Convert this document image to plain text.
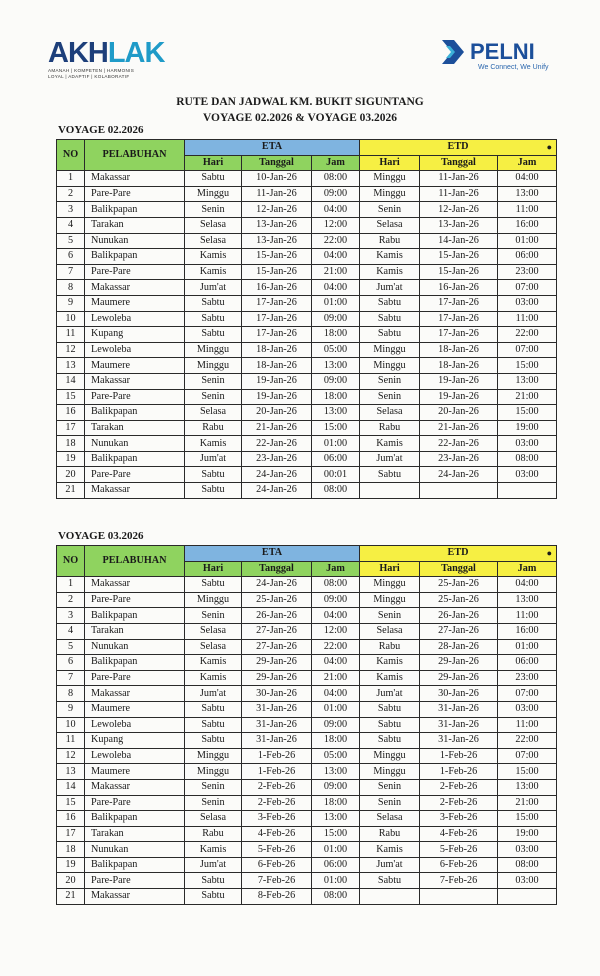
AKHLAK
AMANAH | KOMPETEN | HARMONIS
LOYAL | ADAPTIF | KOLABORATIF
PELNI
We Connect, We Unify
RUTE DAN JADWAL KM. BUKIT SIGUNTANG
VOYAGE 02.2026 & VOYAGE 03.2026
VOYAGE 02.2026
NO	PELABUHAN	ETA			ETD ●		

		Hari	Tanggal	Jam	Hari	Tanggal	Jam
1	Makassar	Sabtu	10-Jan-26	08:00	Minggu	11-Jan-26	04:00
2	Pare-Pare	Minggu	11-Jan-26	09:00	Minggu	11-Jan-26	13:00
3	Balikpapan	Senin	12-Jan-26	04:00	Senin	12-Jan-26	11:00
4	Tarakan	Selasa	13-Jan-26	12:00	Selasa	13-Jan-26	16:00
5	Nunukan	Selasa	13-Jan-26	22:00	Rabu	14-Jan-26	01:00
6	Balikpapan	Kamis	15-Jan-26	04:00	Kamis	15-Jan-26	06:00
7	Pare-Pare	Kamis	15-Jan-26	21:00	Kamis	15-Jan-26	23:00
8	Makassar	Jum'at	16-Jan-26	04:00	Jum'at	16-Jan-26	07:00
9	Maumere	Sabtu	17-Jan-26	01:00	Sabtu	17-Jan-26	03:00
10	Lewoleba	Sabtu	17-Jan-26	09:00	Sabtu	17-Jan-26	11:00
11	Kupang	Sabtu	17-Jan-26	18:00	Sabtu	17-Jan-26	22:00
12	Lewoleba	Minggu	18-Jan-26	05:00	Minggu	18-Jan-26	07:00
13	Maumere	Minggu	18-Jan-26	13:00	Minggu	18-Jan-26	15:00
14	Makassar	Senin	19-Jan-26	09:00	Senin	19-Jan-26	13:00
15	Pare-Pare	Senin	19-Jan-26	18:00	Senin	19-Jan-26	21:00
16	Balikpapan	Selasa	20-Jan-26	13:00	Selasa	20-Jan-26	15:00
17	Tarakan	Rabu	21-Jan-26	15:00	Rabu	21-Jan-26	19:00
18	Nunukan	Kamis	22-Jan-26	01:00	Kamis	22-Jan-26	03:00
19	Balikpapan	Jum'at	23-Jan-26	06:00	Jum'at	23-Jan-26	08:00
20	Pare-Pare	Sabtu	24-Jan-26	00:01	Sabtu	24-Jan-26	03:00
21	Makassar	Sabtu	24-Jan-26	08:00			
VOYAGE 03.2026
NO	PELABUHAN	ETA			ETD ●		

		Hari	Tanggal	Jam	Hari	Tanggal	Jam
1	Makassar	Sabtu	24-Jan-26	08:00	Minggu	25-Jan-26	04:00
2	Pare-Pare	Minggu	25-Jan-26	09:00	Minggu	25-Jan-26	13:00
3	Balikpapan	Senin	26-Jan-26	04:00	Senin	26-Jan-26	11:00
4	Tarakan	Selasa	27-Jan-26	12:00	Selasa	27-Jan-26	16:00
5	Nunukan	Selasa	27-Jan-26	22:00	Rabu	28-Jan-26	01:00
6	Balikpapan	Kamis	29-Jan-26	04:00	Kamis	29-Jan-26	06:00
7	Pare-Pare	Kamis	29-Jan-26	21:00	Kamis	29-Jan-26	23:00
8	Makassar	Jum'at	30-Jan-26	04:00	Jum'at	30-Jan-26	07:00
9	Maumere	Sabtu	31-Jan-26	01:00	Sabtu	31-Jan-26	03:00
10	Lewoleba	Sabtu	31-Jan-26	09:00	Sabtu	31-Jan-26	11:00
11	Kupang	Sabtu	31-Jan-26	18:00	Sabtu	31-Jan-26	22:00
12	Lewoleba	Minggu	1-Feb-26	05:00	Minggu	1-Feb-26	07:00
13	Maumere	Minggu	1-Feb-26	13:00	Minggu	1-Feb-26	15:00
14	Makassar	Senin	2-Feb-26	09:00	Senin	2-Feb-26	13:00
15	Pare-Pare	Senin	2-Feb-26	18:00	Senin	2-Feb-26	21:00
16	Balikpapan	Selasa	3-Feb-26	13:00	Selasa	3-Feb-26	15:00
17	Tarakan	Rabu	4-Feb-26	15:00	Rabu	4-Feb-26	19:00
18	Nunukan	Kamis	5-Feb-26	01:00	Kamis	5-Feb-26	03:00
19	Balikpapan	Jum'at	6-Feb-26	06:00	Jum'at	6-Feb-26	08:00
20	Pare-Pare	Sabtu	7-Feb-26	01:00	Sabtu	7-Feb-26	03:00
21	Makassar	Sabtu	8-Feb-26	08:00			
